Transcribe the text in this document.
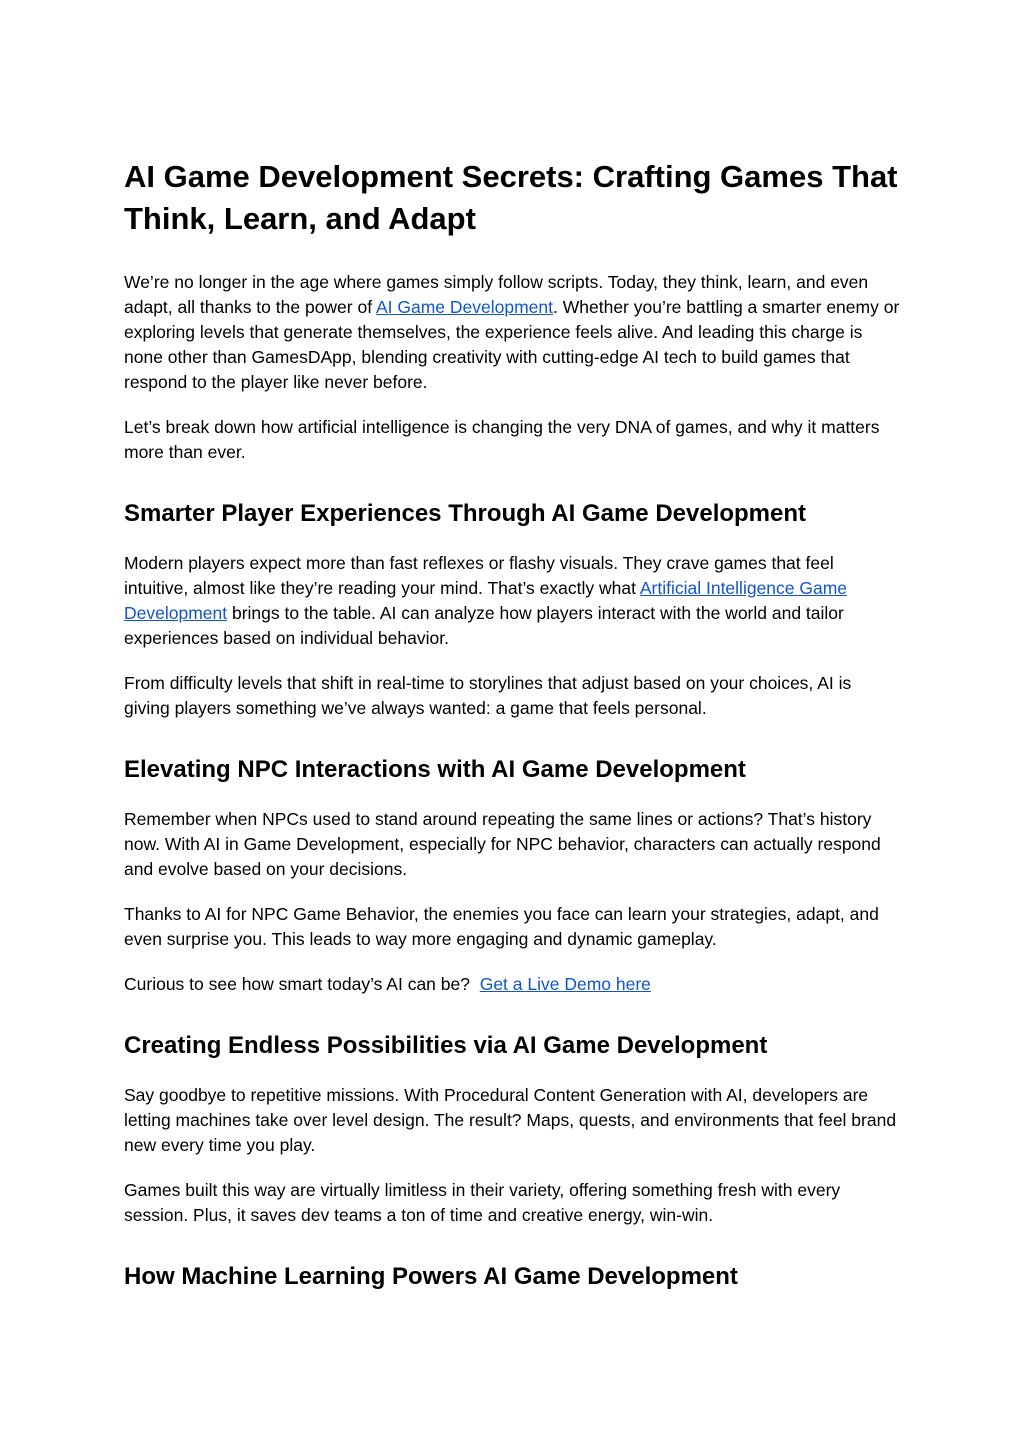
AI Game Development Secrets: Crafting Games That Think, Learn, and Adapt

We’re no longer in the age where games simply follow scripts. Today, they think, learn, and even adapt, all thanks to the power of AI Game Development. Whether you’re battling a smarter enemy or exploring levels that generate themselves, the experience feels alive. And leading this charge is none other than GamesDApp, blending creativity with cutting-edge AI tech to build games that respond to the player like never before.

Let’s break down how artificial intelligence is changing the very DNA of games, and why it matters more than ever.

Smarter Player Experiences Through AI Game Development

Modern players expect more than fast reflexes or flashy visuals. They crave games that feel intuitive, almost like they’re reading your mind. That’s exactly what Artificial Intelligence Game Development brings to the table. AI can analyze how players interact with the world and tailor experiences based on individual behavior.

From difficulty levels that shift in real-time to storylines that adjust based on your choices, AI is giving players something we’ve always wanted: a game that feels personal.

Elevating NPC Interactions with AI Game Development

Remember when NPCs used to stand around repeating the same lines or actions? That’s history now. With AI in Game Development, especially for NPC behavior, characters can actually respond and evolve based on your decisions.

Thanks to AI for NPC Game Behavior, the enemies you face can learn your strategies, adapt, and even surprise you. This leads to way more engaging and dynamic gameplay.

Curious to see how smart today’s AI can be?  Get a Live Demo here

Creating Endless Possibilities via AI Game Development

Say goodbye to repetitive missions. With Procedural Content Generation with AI, developers are letting machines take over level design. The result? Maps, quests, and environments that feel brand new every time you play.

Games built this way are virtually limitless in their variety, offering something fresh with every session. Plus, it saves dev teams a ton of time and creative energy, win-win.

How Machine Learning Powers AI Game Development
